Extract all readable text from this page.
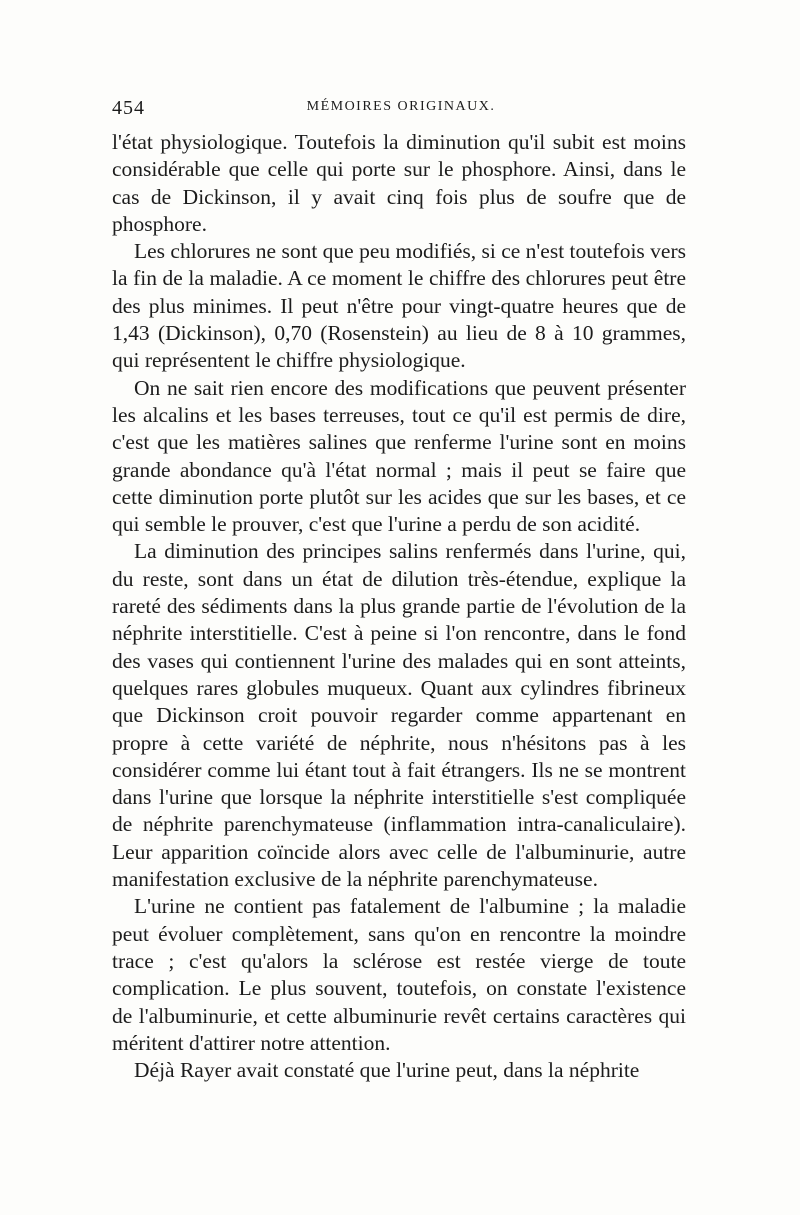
454	MÉMOIRES ORIGINAUX.

l'état physiologique. Toutefois la diminution qu'il subit est moins considérable que celle qui porte sur le phosphore. Ainsi, dans le cas de Dickinson, il y avait cinq fois plus de soufre que de phosphore.

Les chlorures ne sont que peu modifiés, si ce n'est toutefois vers la fin de la maladie. A ce moment le chiffre des chlorures peut être des plus minimes. Il peut n'être pour vingt-quatre heures que de 1,43 (Dickinson), 0,70 (Rosenstein) au lieu de 8 à 10 grammes, qui représentent le chiffre physiologique.

On ne sait rien encore des modifications que peuvent présenter les alcalins et les bases terreuses, tout ce qu'il est permis de dire, c'est que les matières salines que renferme l'urine sont en moins grande abondance qu'à l'état normal ; mais il peut se faire que cette diminution porte plutôt sur les acides que sur les bases, et ce qui semble le prouver, c'est que l'urine a perdu de son acidité.

La diminution des principes salins renfermés dans l'urine, qui, du reste, sont dans un état de dilution très-étendue, explique la rareté des sédiments dans la plus grande partie de l'évolution de la néphrite interstitielle. C'est à peine si l'on rencontre, dans le fond des vases qui contiennent l'urine des malades qui en sont atteints, quelques rares globules muqueux. Quant aux cylindres fibrineux que Dickinson croit pouvoir regarder comme appartenant en propre à cette variété de néphrite, nous n'hésitons pas à les considérer comme lui étant tout à fait étrangers. Ils ne se montrent dans l'urine que lorsque la néphrite interstitielle s'est compliquée de néphrite parenchymateuse (inflammation intra-canaliculaire). Leur apparition coïncide alors avec celle de l'albuminurie, autre manifestation exclusive de la néphrite parenchymateuse.

L'urine ne contient pas fatalement de l'albumine ; la maladie peut évoluer complètement, sans qu'on en rencontre la moindre trace ; c'est qu'alors la sclérose est restée vierge de toute complication. Le plus souvent, toutefois, on constate l'existence de l'albuminurie, et cette albuminurie revêt certains caractères qui méritent d'attirer notre attention.

Déjà Rayer avait constaté que l'urine peut, dans la néphrite
